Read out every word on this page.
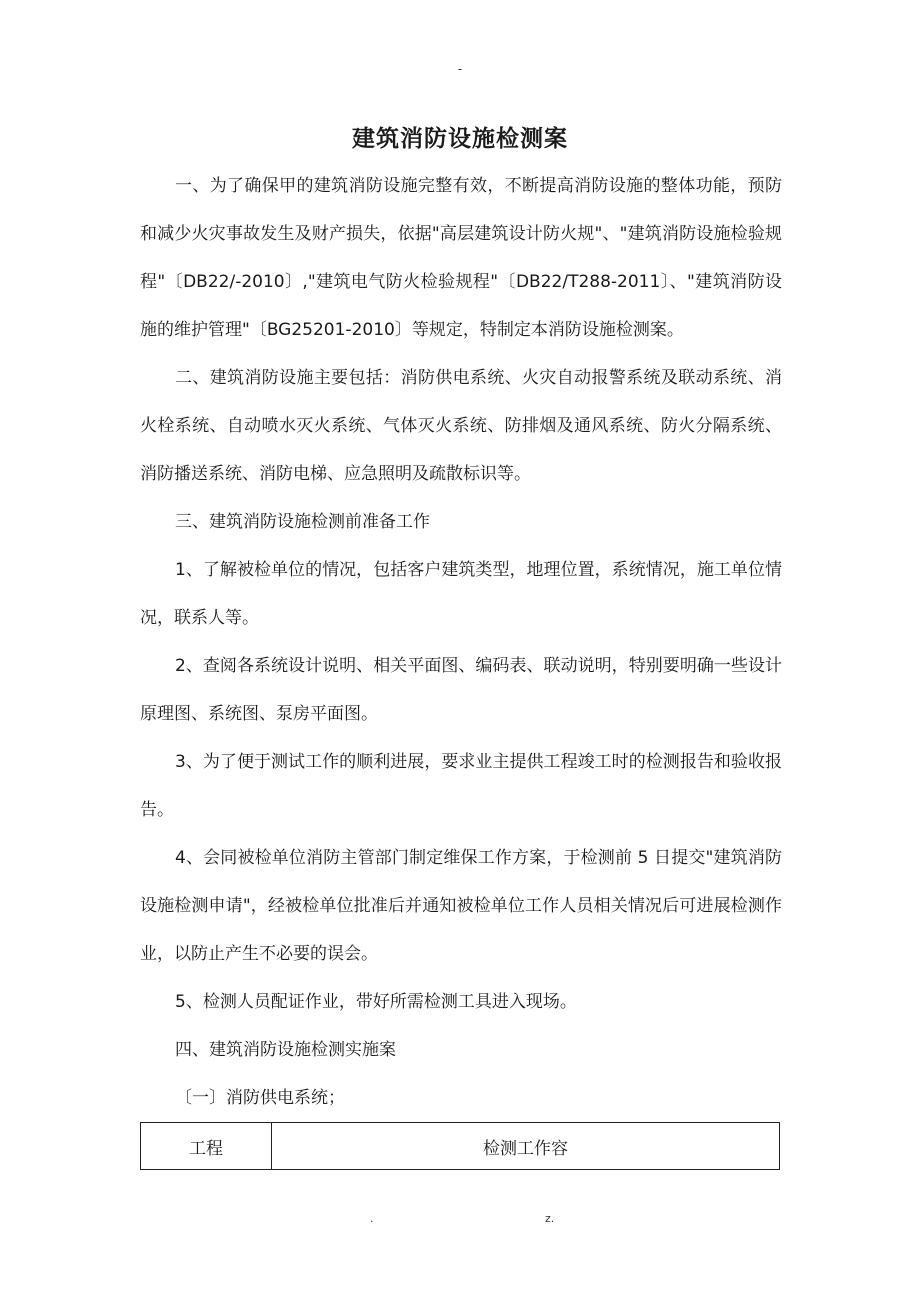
-
建筑消防设施检测案

一、为了确保甲的建筑消防设施完整有效，不断提高消防设施的整体功能，预防和减少火灾事故发生及财产损失，依据"高层建筑设计防火规"、"建筑消防设施检验规程"〔DB22/-2010〕,"建筑电气防火检验规程"〔DB22/T288-2011〕、"建筑消防设施的维护管理"〔BG25201-2010〕等规定，特制定本消防设施检测案。

二、建筑消防设施主要包括：消防供电系统、火灾自动报警系统及联动系统、消火栓系统、自动喷水灭火系统、气体灭火系统、防排烟及通风系统、防火分隔系统、消防播送系统、消防电梯、应急照明及疏散标识等。

三、建筑消防设施检测前准备工作

1、了解被检单位的情况，包括客户建筑类型，地理位置，系统情况，施工单位情况，联系人等。

2、查阅各系统设计说明、相关平面图、编码表、联动说明，特别要明确一些设计原理图、系统图、泵房平面图。

3、为了便于测试工作的顺利进展，要求业主提供工程竣工时的检测报告和验收报告。

4、会同被检单位消防主管部门制定维保工作方案，于检测前 5 日提交"建筑消防设施检测申请"，经被检单位批准后并通知被检单位工作人员相关情况后可进展检测作业，以防止产生不必要的误会。

5、检测人员配证作业，带好所需检测工具进入现场。

四、建筑消防设施检测实施案

〔一〕消防供电系统；

工程	检测工作容
.	z.
